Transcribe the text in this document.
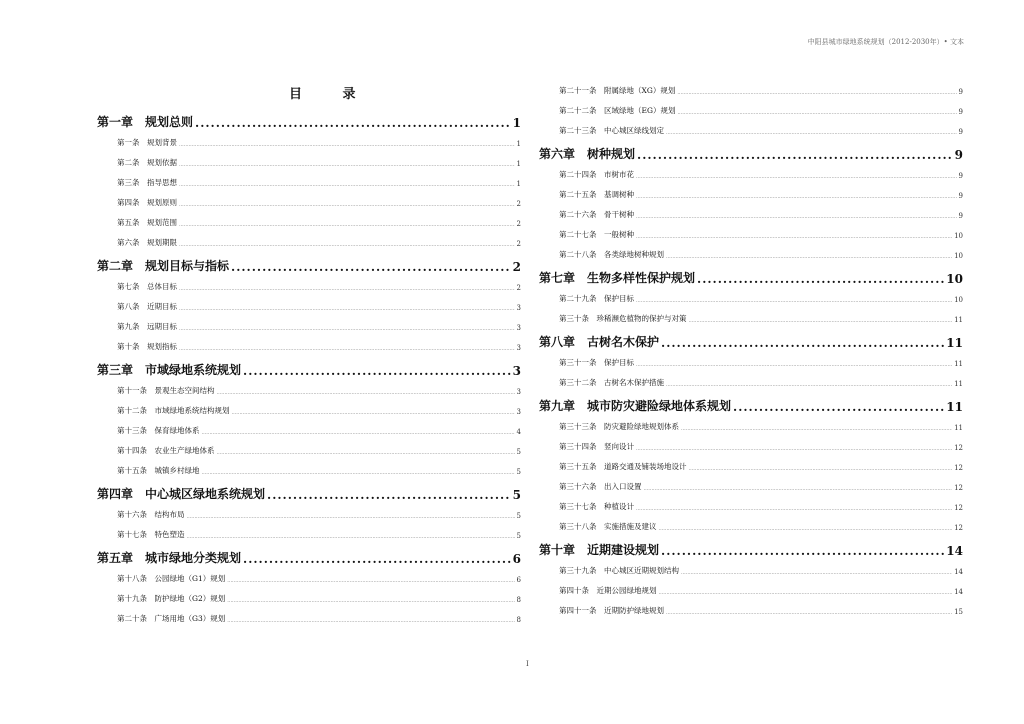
中阳县城市绿地系统规划（2012-2030年）• 文本
目 录
第一章　规划总则 .....	1
第一条　规划背景 .....	1
第二条　规划依据 .....	1
第三条　指导思想 .....	1
第四条　规划原则 .....	2
第五条　规划范围 .....	2
第六条　规划期限 .....	2
第二章　规划目标与指标 .....	2
第七条　总体目标 .....	2
第八条　近期目标 .....	3
第九条　远期目标 .....	3
第十条　规划指标 .....	3
第三章　市域绿地系统规划 .....	3
第十一条　景观生态空间结构 .....	3
第十二条　市域绿地系统结构规划 .....	3
第十三条　保育绿地体系 .....	4
第十四条　农业生产绿地体系 .....	5
第十五条　城镇乡村绿地 .....	5
第四章　中心城区绿地系统规划 .....	5
第十六条　结构布局 .....	5
第十七条　特色塑造 .....	5
第五章　城市绿地分类规划 .....	6
第十八条　公园绿地（G1）规划 .....	6
第十九条　防护绿地（G2）规划 .....	8
第二十条　广场用地（G3）规划 .....	8
第二十一条　附属绿地（XG）规划 .....	9
第二十二条　区域绿地（EG）规划 .....	9
第二十三条　中心城区绿线划定 .....	9
第六章　树种规划 .....	9
第二十四条　市树市花 .....	9
第二十五条　基调树种 .....	9
第二十六条　骨干树种 .....	9
第二十七条　一般树种 .....	10
第二十八条　各类绿地树种规划 .....	10
第七章　生物多样性保护规划 .....	10
第二十九条　保护目标 .....	10
第三十条　珍稀濒危植物的保护与对策 .....	11
第八章　古树名木保护 .....	11
第三十一条　保护目标 .....	11
第三十二条　古树名木保护措施 .....	11
第九章　城市防灾避险绿地体系规划 .....	11
第三十三条　防灾避险绿地规划体系 .....	11
第三十四条　竖向设计 .....	12
第三十五条　道路交通及铺装场地设计 .....	12
第三十六条　出入口设置 .....	12
第三十七条　种植设计 .....	12
第三十八条　实施措施及建议 .....	12
第十章　近期建设规划 .....	14
第三十九条　中心城区近期规划结构 .....	14
第四十条　近期公园绿地规划 .....	14
第四十一条　近期防护绿地规划 .....	15
I
